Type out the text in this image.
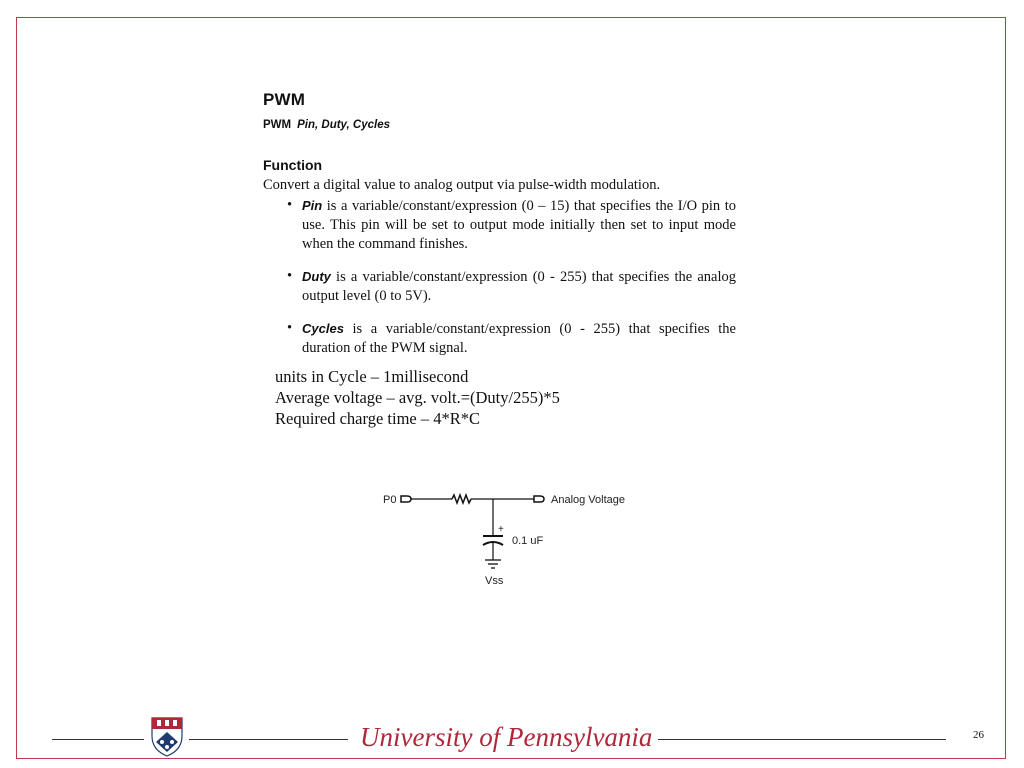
PWM
PWM Pin, Duty, Cycles
Function
Convert a digital value to analog output via pulse-width modulation.
• Pin is a variable/constant/expression (0 – 15) that specifies the I/O pin to use. This pin will be set to output mode initially then set to input mode when the command finishes.
• Duty is a variable/constant/expression (0 - 255) that specifies the analog output level (0 to 5V).
• Cycles is a variable/constant/expression (0 - 255) that specifies the duration of the PWM signal.
units in Cycle – 1millisecond
Average voltage – avg. volt.=(Duty/255)*5
Required charge time – 4*R*C
P0	Analog Voltage
+
0.1 uF
Vss
University of Pennsylvania	26
